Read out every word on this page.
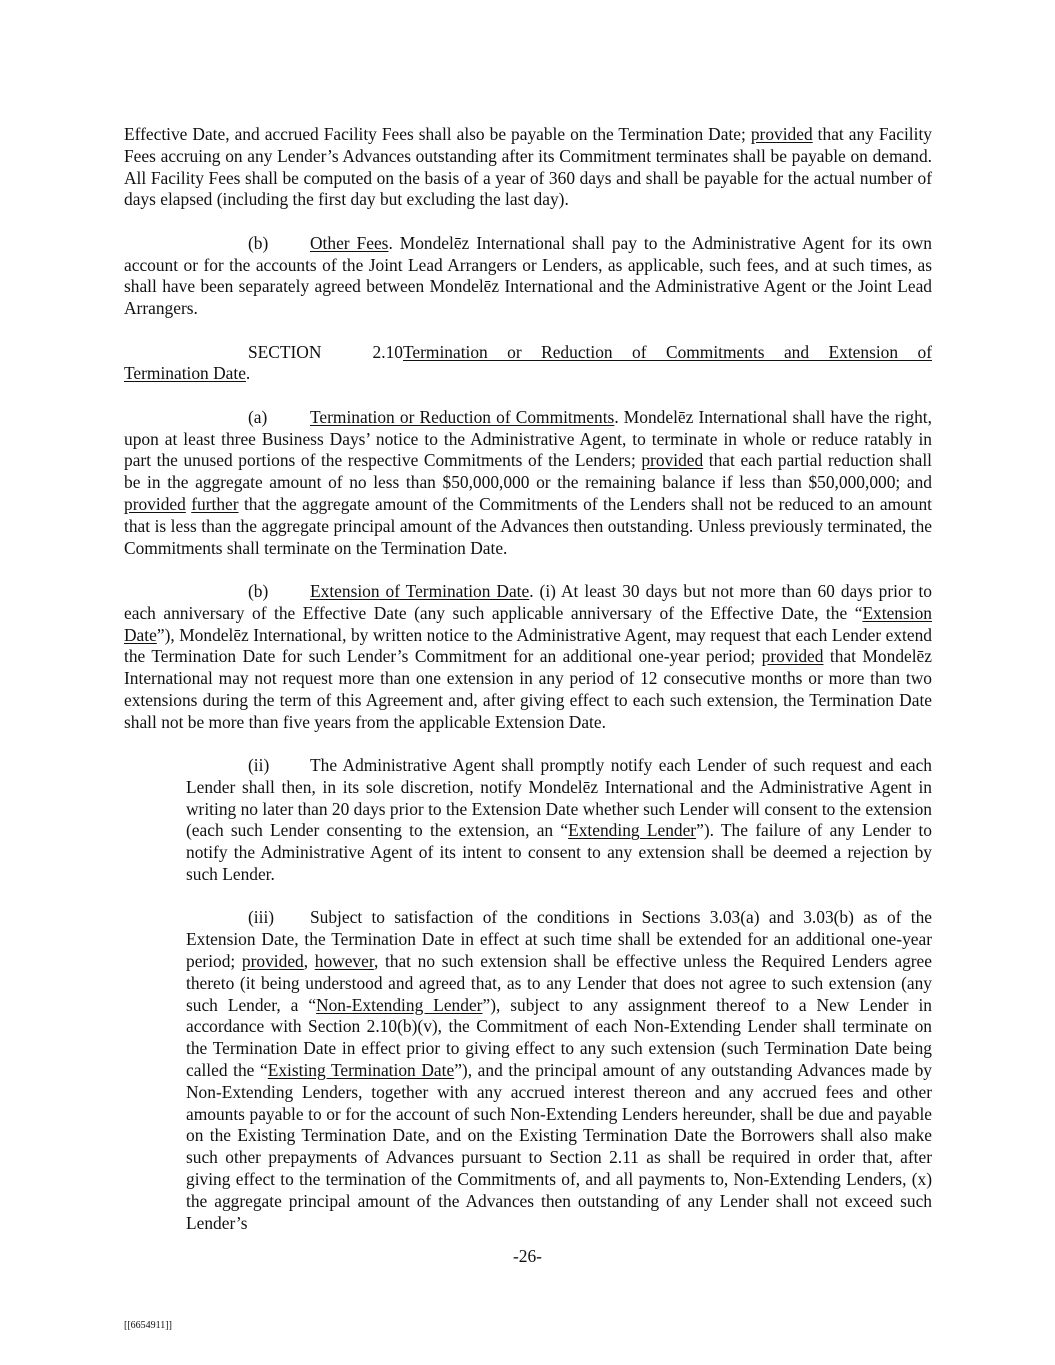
Effective Date, and accrued Facility Fees shall also be payable on the Termination Date; provided that any Facility Fees accruing on any Lender’s Advances outstanding after its Commitment terminates shall be payable on demand. All Facility Fees shall be computed on the basis of a year of 360 days and shall be payable for the actual number of days elapsed (including the first day but excluding the last day).

(b) Other Fees. Mondelēz International shall pay to the Administrative Agent for its own account or for the accounts of the Joint Lead Arrangers or Lenders, as applicable, such fees, and at such times, as shall have been separately agreed between Mondelēz International and the Administrative Agent or the Joint Lead Arrangers.

SECTION 2.10Termination or Reduction of Commitments and Extension of
Termination Date.

(a) Termination or Reduction of Commitments. Mondelēz International shall have the right, upon at least three Business Days’ notice to the Administrative Agent, to terminate in whole or reduce ratably in part the unused portions of the respective Commitments of the Lenders; provided that each partial reduction shall be in the aggregate amount of no less than $50,000,000 or the remaining balance if less than $50,000,000; and provided further that the aggregate amount of the Commitments of the Lenders shall not be reduced to an amount that is less than the aggregate principal amount of the Advances then outstanding. Unless previously terminated, the Commitments shall terminate on the Termination Date.

(b) Extension of Termination Date. (i) At least 30 days but not more than 60 days prior to each anniversary of the Effective Date (any such applicable anniversary of the Effective Date, the “Extension Date”), Mondelēz International, by written notice to the Administrative Agent, may request that each Lender extend the Termination Date for such Lender’s Commitment for an additional one-year period; provided that Mondelēz International may not request more than one extension in any period of 12 consecutive months or more than two extensions during the term of this Agreement and, after giving effect to each such extension, the Termination Date shall not be more than five years from the applicable Extension Date.

(ii) The Administrative Agent shall promptly notify each Lender of such request and each Lender shall then, in its sole discretion, notify Mondelēz International and the Administrative Agent in writing no later than 20 days prior to the Extension Date whether such Lender will consent to the extension (each such Lender consenting to the extension, an “Extending Lender”). The failure of any Lender to notify the Administrative Agent of its intent to consent to any extension shall be deemed a rejection by such Lender.

(iii) Subject to satisfaction of the conditions in Sections 3.03(a) and 3.03(b) as of the Extension Date, the Termination Date in effect at such time shall be extended for an additional one-year period; provided, however, that no such extension shall be effective unless the Required Lenders agree thereto (it being understood and agreed that, as to any Lender that does not agree to such extension (any such Lender, a “Non-Extending Lender”), subject to any assignment thereof to a New Lender in accordance with Section 2.10(b)(v), the Commitment of each Non-Extending Lender shall terminate on the Termination Date in effect prior to giving effect to any such extension (such Termination Date being called the “Existing Termination Date”), and the principal amount of any outstanding Advances made by Non-Extending Lenders, together with any accrued interest thereon and any accrued fees and other amounts payable to or for the account of such Non-Extending Lenders hereunder, shall be due and payable on the Existing Termination Date, and on the Existing Termination Date the Borrowers shall also make such other prepayments of Advances pursuant to Section 2.11 as shall be required in order that, after giving effect to the termination of the Commitments of, and all payments to, Non-Extending Lenders, (x) the aggregate principal amount of the Advances then outstanding of any Lender shall not exceed such Lender’s

-26-
[[6654911]]
